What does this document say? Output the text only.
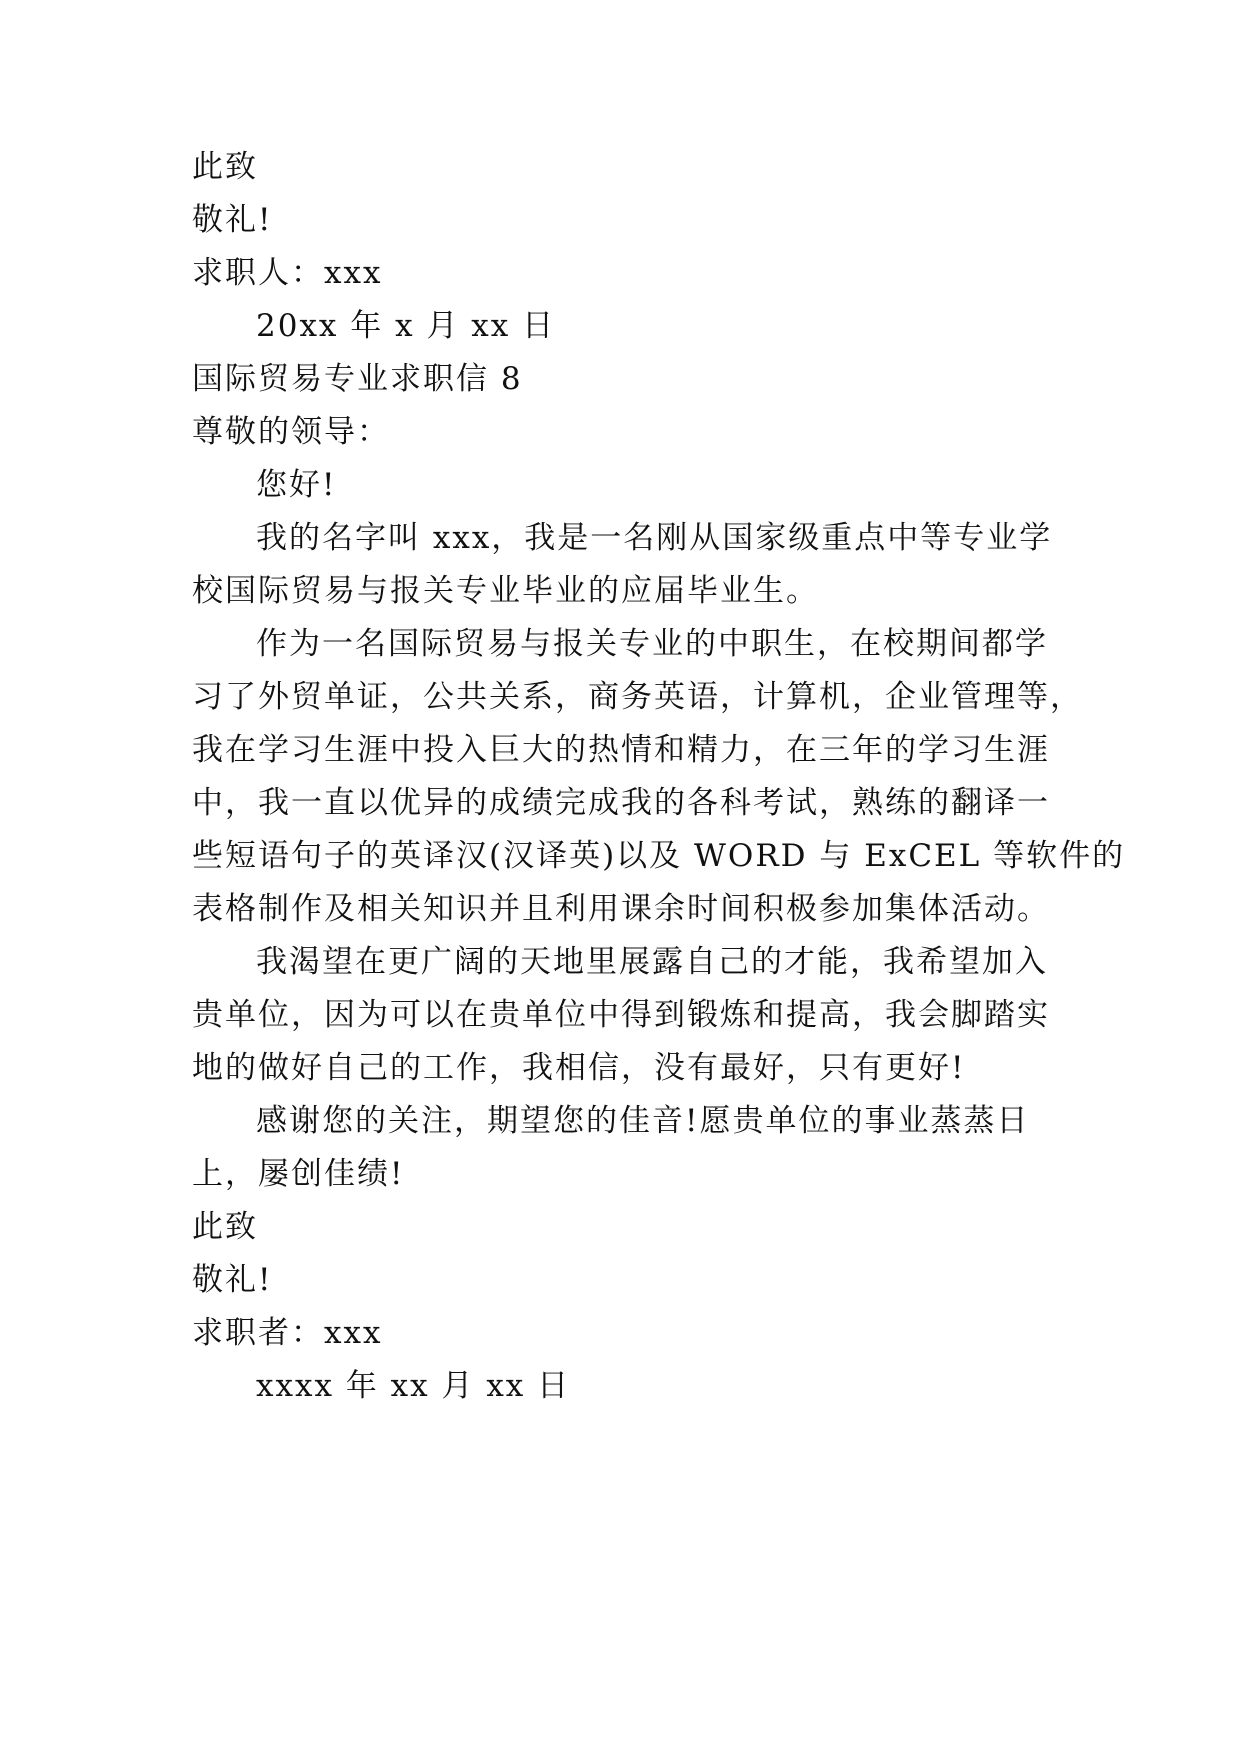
此致
敬礼!
求职人：xxx
20xx 年 x 月 xx 日
国际贸易专业求职信 8
尊敬的领导：
您好!
我的名字叫 xxx，我是一名刚从国家级重点中等专业学
校国际贸易与报关专业毕业的应届毕业生。
作为一名国际贸易与报关专业的中职生，在校期间都学
习了外贸单证，公共关系，商务英语，计算机，企业管理等，
我在学习生涯中投入巨大的热情和精力，在三年的学习生涯
中，我一直以优异的成绩完成我的各科考试，熟练的翻译一
些短语句子的英译汉(汉译英)以及 WORD 与 ExCEL 等软件的
表格制作及相关知识并且利用课余时间积极参加集体活动。
我渴望在更广阔的天地里展露自己的才能，我希望加入
贵单位，因为可以在贵单位中得到锻炼和提高，我会脚踏实
地的做好自己的工作，我相信，没有最好，只有更好!
感谢您的关注，期望您的佳音!愿贵单位的事业蒸蒸日
上，屡创佳绩!
此致
敬礼!
求职者：xxx
xxxx 年 xx 月 xx 日
